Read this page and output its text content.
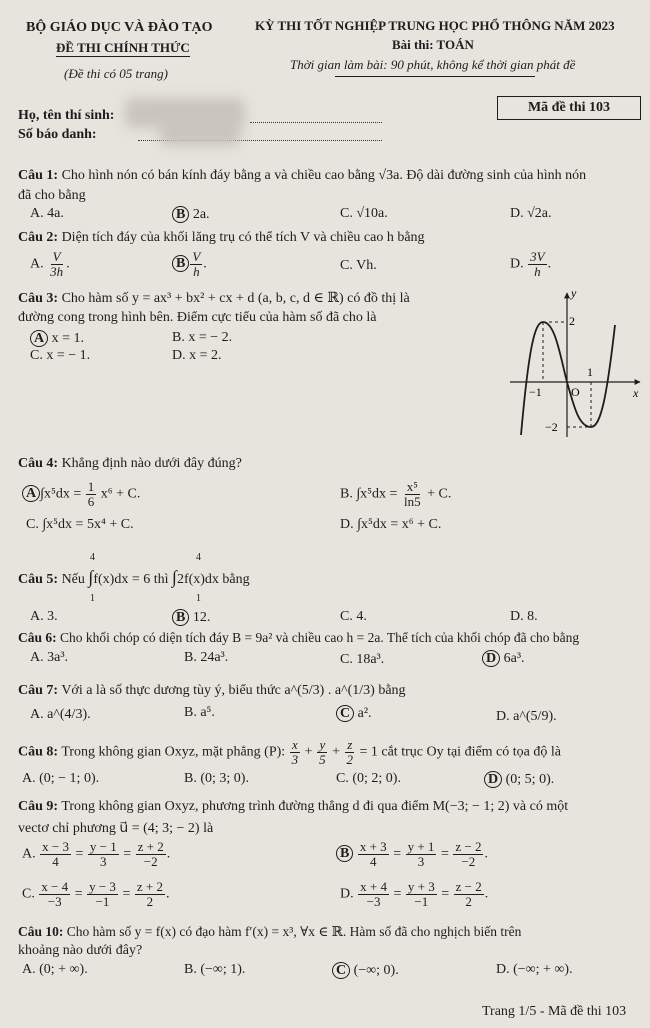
BỘ GIÁO DỤC VÀ ĐÀO TẠO
ĐỀ THI CHÍNH THỨC
(Đề thi có 05 trang)
KỲ THI TỐT NGHIỆP TRUNG HỌC PHỔ THÔNG NĂM 2023
Bài thi: TOÁN
Thời gian làm bài: 90 phút, không kể thời gian phát đề
Họ, tên thí sinh:
Số báo danh:
Mã đề thi 103
Câu 1: Cho hình nón có bán kính đáy bằng a và chiều cao bằng √3a. Độ dài đường sinh của hình nón
đã cho bằng
A. 4a.	B 2a.	C. √10a.	D. √2a.
Câu 2: Diện tích đáy của khối lăng trụ có thể tích V và chiều cao h bằng
A. $\frac{V}{3h}$ .	B $\frac{V}{h}$ .	C. Vh.	D. $\frac{3V}{h}$ .
Câu 3: Cho hàm số y = ax³ + bx² + cx + d (a, b, c, d ∈ ℝ) có đồ thị là
đường cong trong hình bên. Điểm cực tiểu của hàm số đã cho là
A x = 1.	B. x = − 2.
C. x = − 1.	D. x = 2.
y
x
O
−1
1
2
−2
Câu 4: Khẳng định nào dưới đây đúng?
A $\int x^5dx = \frac{1}{6} x^6 + C$.	B. $\int x^5dx = \frac{\text{x⁵}}{\ln 5} + C$.
C. ∫x⁵dx = 5x⁴ + C.	D. ∫x⁵dx = x⁶ + C.
Câu 5: Nếu ∫f(x)dx = 6 thì ∫2f(x)dx bằng
4
1
4
1
A. 3.	B 12.	C. 4.	D. 8.
Câu 6: Cho khối chóp có diện tích đáy B = 9a² và chiều cao h = 2a. Thể tích của khối chóp đã cho bằng
A. 3a³.	B. 24a³.	C. 18a³.	D 6a³.
Câu 7: Với a là số thực dương tùy ý, biểu thức a^(5/3) . a^(1/3) bằng
A. a^(4/3).	B. a⁵.	C a².	D. a^(5/9).
Câu 8: Trong không gian Oxyz, mặt phẳng (P): $\frac{x}{3} + \frac{y}{5} + \frac{z}{2} = 1$ cắt trục Oy tại điểm có tọa độ là
A. (0; − 1; 0).	B. (0; 3; 0).	C. (0; 2; 0).	D (0; 5; 0).
Câu 9: Trong không gian Oxyz, phương trình đường thẳng d đi qua điểm M(−3; − 1; 2) và có một
vectơ chỉ phương u⃗ = (4; 3; − 2) là
A. $\frac{x - 3}{4} = \frac{y - 1}{3} = \frac{z + 2}{-2}$ .	B $\frac{x + 3}{4} = \frac{y + 1}{3} = \frac{z - 2}{-2}$ .
C. $\frac{x - 4}{-3} = \frac{y - 3}{-1} = \frac{z + 2}{2}$ .	D. $\frac{x + 4}{-3} = \frac{y + 3}{-1} = \frac{z - 2}{2}$ .
Câu 10: Cho hàm số y = f(x) có đạo hàm f′(x) = x³, ∀x ∈ ℝ. Hàm số đã cho nghịch biến trên
khoảng nào dưới đây?
A. (0; + ∞).	B. (−∞; 1).	C (−∞; 0).	D. (−∞; + ∞).
Trang 1/5 - Mã đề thi 103
